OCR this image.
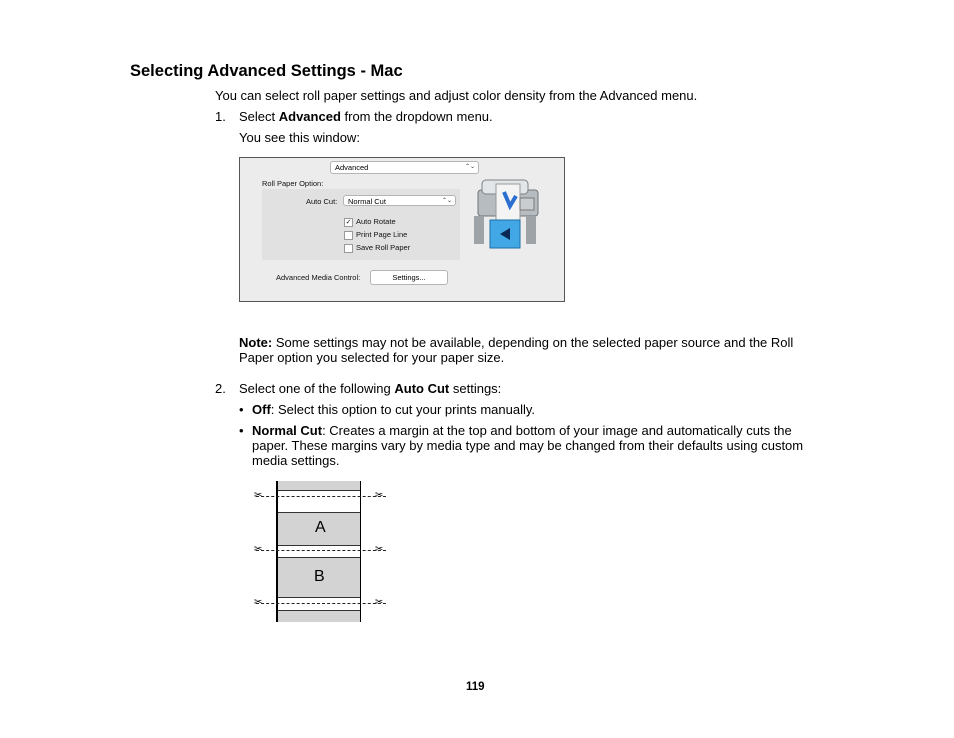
Selecting Advanced Settings - Mac
You can select roll paper settings and adjust color density from the Advanced menu.
1. Select Advanced from the dropdown menu.
You see this window:
Advanced	⌃⌄
Roll Paper Option:
Auto Cut:	Normal Cut	⌃⌄
✓ Auto Rotate
Print Page Line
Save Roll Paper
Advanced Media Control:	Settings...
Note: Some settings may not be available, depending on the selected paper source and the Roll
Paper option you selected for your paper size.
2. Select one of the following Auto Cut settings:
• Off: Select this option to cut your prints manually.
• Normal Cut: Creates a margin at the top and bottom of your image and automatically cuts the
paper. These margins vary by media type and may be changed from their defaults using custom
media settings.
✂	✂
✂	✂
✂	✂
A
B
119
